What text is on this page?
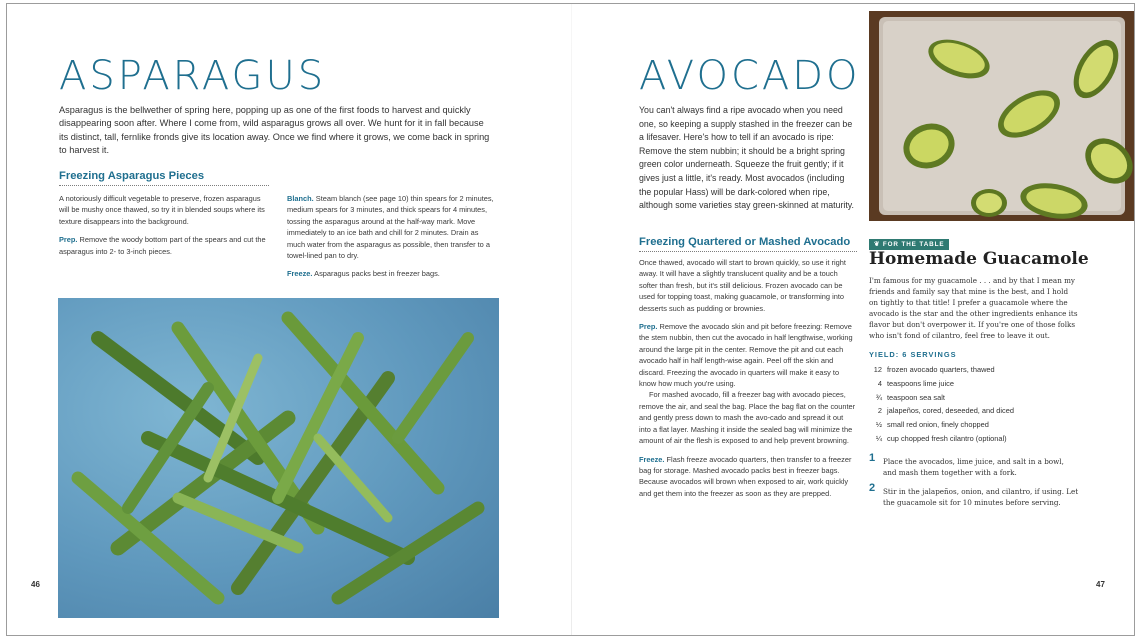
ASPARAGUS

Asparagus is the bellwether of spring here, popping up as one of the first foods to harvest and quickly disappearing soon after. Where I come from, wild asparagus grows all over. We hunt for it in fall because its distinct, tall, fernlike fronds give its location away. Once we find where it grows, we come back in spring to harvest it.

Freezing Asparagus Pieces

A notoriously difficult vegetable to preserve, frozen asparagus will be mushy once thawed, so try it in blended soups where its texture disappears into the background.

Prep. Remove the woody bottom part of the spears and cut the asparagus into 2- to 3-inch pieces.

Blanch. Steam blanch (see page 10) thin spears for 2 minutes, medium spears for 3 minutes, and thick spears for 4 minutes, tossing the asparagus around at the half-way mark. Move immediately to an ice bath and chill for 2 minutes. Drain as much water from the asparagus as possible, then transfer to a towel-lined pan to dry.

Freeze. Asparagus packs best in freezer bags.

46
AVOCADO

You can't always find a ripe avocado when you need one, so keeping a supply stashed in the freezer can be a lifesaver. Here's how to tell if an avocado is ripe: Remove the stem nubbin; it should be a bright spring green color underneath. Squeeze the fruit gently; if it gives just a little, it's ready. Most avocados (including the popular Hass) will be dark-colored when ripe, although some varieties stay green-skinned at maturity.

Freezing Quartered or Mashed Avocado

Once thawed, avocado will start to brown quickly, so use it right away. It will have a slightly translucent quality and be a touch softer than fresh, but it's still delicious. Frozen avocado can be used for topping toast, making guacamole, or transforming into desserts such as pudding or brownies.

Prep. Remove the avocado skin and pit before freezing: Remove the stem nubbin, then cut the avocado in half lengthwise, working around the large pit in the center. Remove the pit and cut each avocado half in half length-wise again. Peel off the skin and discard. Freezing the avocado in quarters will make it easy to know how much you're using.

For mashed avocado, fill a freezer bag with avocado pieces, remove the air, and seal the bag. Place the bag flat on the counter and gently press down to mash the avo-cado and spread it out into a flat layer. Mashing it inside the sealed bag will minimize the amount of air the flesh is exposed to and help prevent browning.

Freeze. Flash freeze avocado quarters, then transfer to a freezer bag for storage. Mashed avocado packs best in freezer bags. Because avocados will brown when exposed to air, work quickly and get them into the freezer as soon as they are prepped.

❦ FOR THE TABLE
Homemade Guacamole

I'm famous for my guacamole . . . and by that I mean my friends and family say that mine is the best, and I hold on tightly to that title! I prefer a guacamole where the avocado is the star and the other ingredients enhance its flavor but don't overpower it. If you're one of those folks who isn't fond of cilantro, feel free to leave it out.

YIELD: 6 SERVINGS
12 frozen avocado quarters, thawed
4 teaspoons lime juice
¾ teaspoon sea salt
2 jalapeños, cored, deseeded, and diced
½ small red onion, finely chopped
¼ cup chopped fresh cilantro (optional)
1 Place the avocados, lime juice, and salt in a bowl, and mash them together with a fork.
2 Stir in the jalapeños, onion, and cilantro, if using. Let the guacamole sit for 10 minutes before serving.
47
